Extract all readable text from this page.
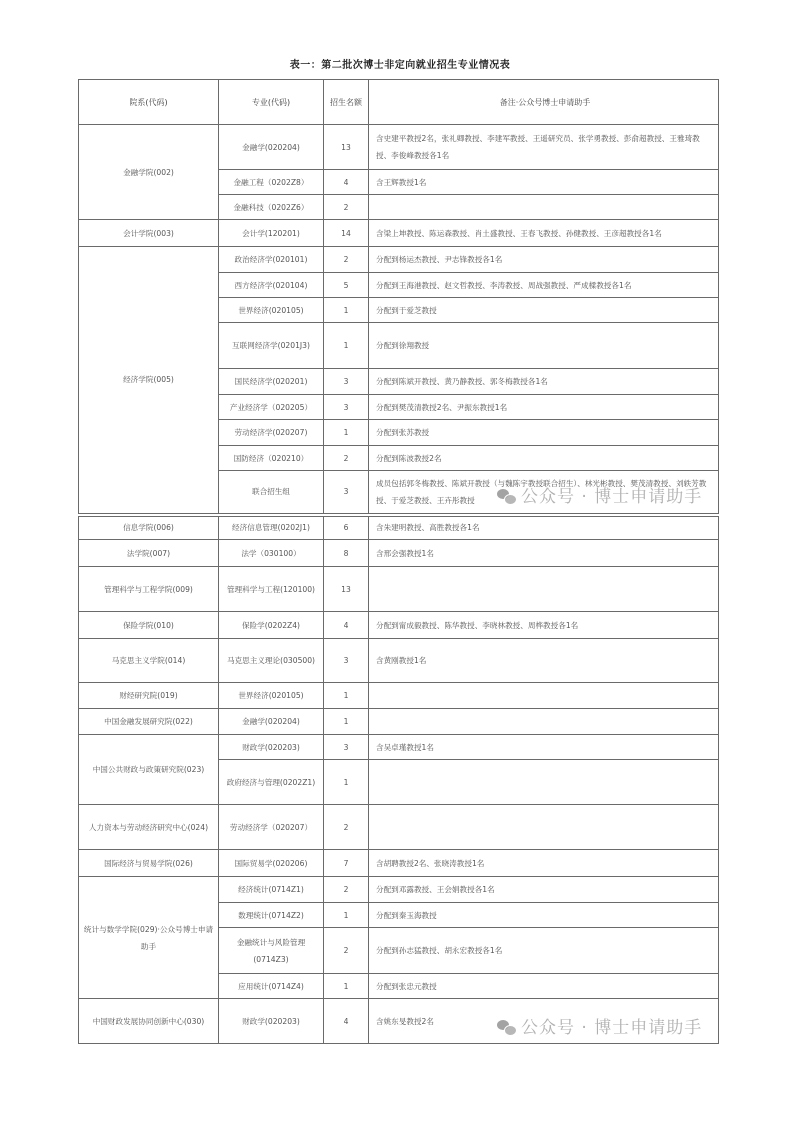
表一：第二批次博士非定向就业招生专业情况表
院系(代码)	专业(代码)	招生名额	备注·公众号博士申请助手
金融学院(002)	金融学(020204)	13	含史建平教授2名，张礼卿教授、李建军教授、王遥研究员、张学勇教授、彭俞超教授、王雅琦教授、李俊峰教授各1名
	金融工程（0202Z8）	4	含王辉教授1名
	金融科技（0202Z6）	2	
会计学院(003)	会计学(120201)	14	含梁上坤教授、陈运森教授、肖土盛教授、王春飞教授、孙健教授、王彦超教授各1名
经济学院(005)	政治经济学(020101)	2	分配到杨运杰教授、尹志锋教授各1名
	西方经济学(020104)	5	分配到王海港教授、赵文哲教授、李涛教授、周战强教授、严成樑教授各1名
	世界经济(020105)	1	分配到于爱芝教授
	互联网经济学(0201J3)	1	分配到徐翔教授
	国民经济学(020201)	3	分配到陈斌开教授、黄乃静教授、郭冬梅教授各1名
	产业经济学（020205）	3	分配到樊茂清教授2名、尹振东教授1名
	劳动经济学(020207)	1	分配到张苏教授
	国防经济（020210）	2	分配到陈波教授2名
	联合招生组	3	成员包括郭冬梅教授、陈斌开教授（与魏陈宇教授联合招生）、林光彬教授、樊茂清教授、刘轶芳教授、于爱芝教授、王卉彤教授
信息学院(006)	经济信息管理(0202J1)	6	含朱建明教授、高胜教授各1名
法学院(007)	法学（030100）	8	含邢会强教授1名
管理科学与工程学院(009)	管理科学与工程(120100)	13	
保险学院(010)	保险学(0202Z4)	4	分配到甯成毅教授、陈华教授、李晓林教授、周桦教授各1名
马克思主义学院(014)	马克思主义理论(030500)	3	含黄刚教授1名
财经研究院(019)	世界经济(020105)	1	
中国金融发展研究院(022)	金融学(020204)	1	
中国公共财政与政策研究院(023)	财政学(020203)	3	含吴卓瑾教授1名
	政府经济与管理(0202Z1)	1	
人力资本与劳动经济研究中心(024)	劳动经济学（020207）	2	
国际经济与贸易学院(026)	国际贸易学(020206)	7	含胡聘教授2名、张晓涛教授1名
统计与数学学院(029)·公众号博士申请助手	经济统计(0714Z1)	2	分配到邓露教授、王会娟教授各1名
	数理统计(0714Z2)	1	分配到秦玉海教授
	金融统计与风险管理(0714Z3)	2	分配到孙志猛教授、胡永宏教授各1名
	应用统计(0714Z4)	1	分配到张忠元教授
中国财政发展协同创新中心(030)	财政学(020203)	4	含姚东旻教授2名
公众号 · 博士申请助手
公众号 · 博士申请助手
